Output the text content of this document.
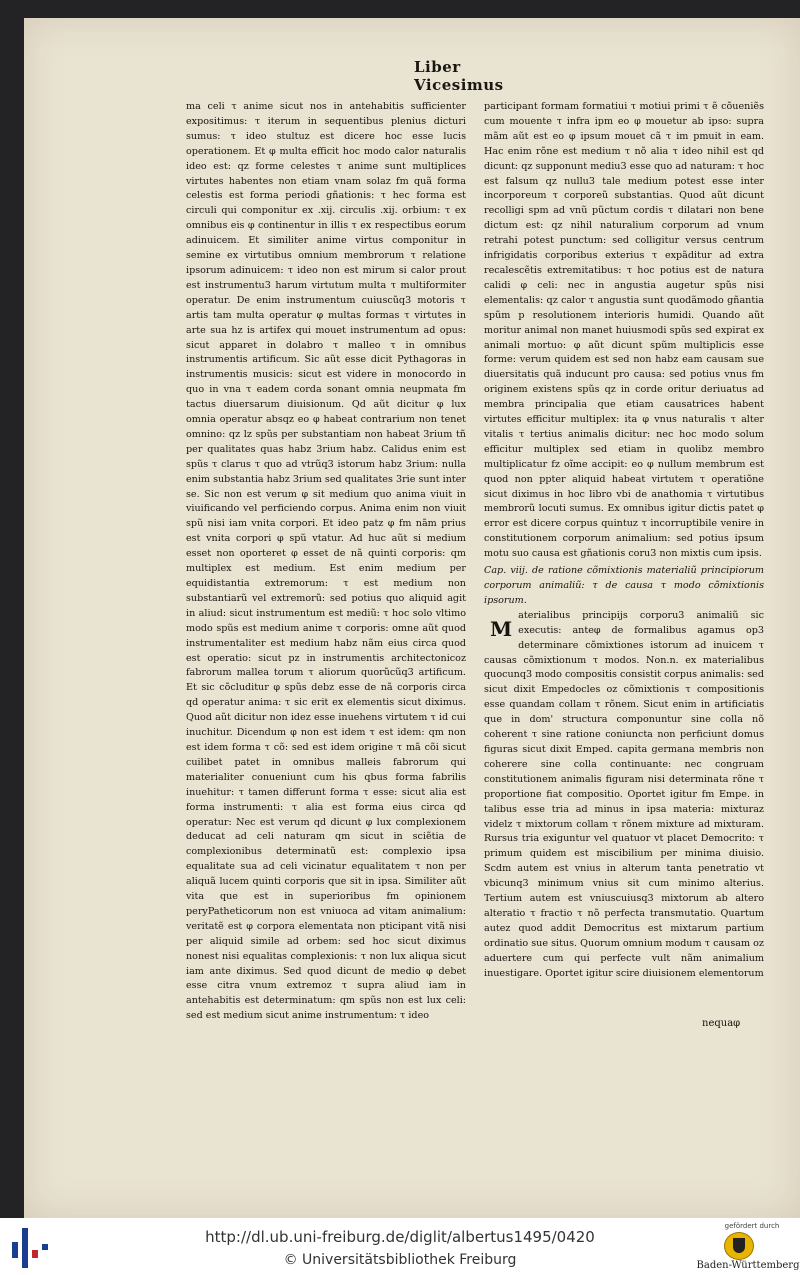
Liber Vicesimus

ma celi τ anime sicut nos in antehabitis sufficienter expositimus: τ iterum in sequentibus plenius dicturi sumus: τ ideo stultuz est dicere hoc esse lucis operationem. Et φ multa efficit hoc modo calor naturalis ideo est: qz forme celestes τ anime sunt multiplices virtutes habentes non etiam vnam solaz fm quã forma celestis est forma periodi gñationis: τ hec forma est circuli qui componitur ex .xij. circulis .xij. orbium: τ ex omnibus eis φ continentur in illis τ ex respectibus eorum adinuicem. Et similiter anime virtus componitur in semine ex virtutibus omnium membrorum τ relatione ipsorum adinuicem: τ ideo non est mirum si calor prout est instrumentu3 harum virtutum multa τ multiformiter operatur. De enim instrumentum cuiuscũq3 motoris τ artis tam multa operatur φ multas formas τ virtutes in arte sua hz is artifex qui mouet instrumentum ad opus: sicut apparet in dolabro τ malleo τ in omnibus instrumentis artificum. Sic aũt esse dicit Pythagoras in instrumentis musicis: sicut est videre in monocordo in quo in vna τ eadem corda sonant omnia neupmata fm tactus diuersarum diuisionum. Qd aũt dicitur φ lux omnia operatur absqz eo φ habeat contrarium non tenet omnino: qz lz spũs per substantiam non habeat 3rium tñ per qualitates quas habz 3rium habz. Calidus enim est spũs τ clarus τ quo ad vtrũq3 istorum habz 3rium: nulla enim substantia habz 3rium sed qualitates 3rie sunt inter se. Sic non est verum φ sit medium quo anima viuit in viuificando vel perficiendo corpus. Anima enim non viuit spũ nisi iam vnita corpori. Et ideo patz φ fm nãm prius est vnita corpori φ spũ vtatur. Ad huc aũt si medium esset non oporteret φ esset de nã quinti corporis: qm multiplex est medium. Est enim medium per equidistantia extremorum: τ est medium non substantiarũ vel extremorũ: sed potius quo aliquid agit in aliud: sicut instrumentum est mediũ: τ hoc solo vltimo modo spũs est medium anime τ corporis: omne aũt quod instrumentaliter est medium habz nãm eius circa quod est operatio: sicut pz in instrumentis architectonicoz fabrorum mallea torum τ aliorum quorũcũq3 artificum. Et sic cõcluditur φ spũs debz esse de nã corporis circa qd operatur anima: τ sic erit ex elementis sicut diximus. Quod aũt dicitur non idez esse inuehens virtutem τ id cui inuchitur. Dicendum φ non est idem τ est idem: qm non est idem forma τ cõ: sed est idem origine τ mã cõi sicut cuilibet patet in omnibus malleis fabrorum qui materialiter conueniunt cum his qbus forma fabrilis inuehitur: τ tamen differunt forma τ esse: sicut alia est forma instrumenti: τ alia est forma eius circa qd operatur: Nec est verum qd dicunt φ lux complexionem deducat ad celi naturam qm sicut in sciẽtia de complexionibus determinatũ est: complexio ipsa equalitate sua ad celi vicinatur equalitatem τ non per aliquã lucem quinti corporis que sit in ipsa. Similiter aũt vita que est in superioribus fm opinionem peryPatheticorum non est vniuoca ad vitam animalium: veritatẽ est φ corpora elementata non pticipant vitã nisi per aliquid simile ad orbem: sed hoc sicut diximus nonest nisi equalitas complexionis: τ non lux aliqua sicut iam ante diximus. Sed quod dicunt de medio φ debet esse citra vnum extremoz τ supra aliud iam in antehabitis est determinatum: qm spũs non est lux celi: sed est medium sicut anime instrumentum: τ ideo

participant formam formatiui τ motiui primi τ ẽ cõueniẽs cum mouente τ infra ipm eo φ mouetur ab ipso: supra mãm aũt est eo φ ipsum mouet cã τ im pmuit in eam. Hac enim rõne est medium τ nõ alia τ ideo nihil est qd dicunt: qz supponunt mediu3 esse quo ad naturam: τ hoc est falsum qz nullu3 tale medium potest esse inter incorporeum τ corporeũ substantias. Quod aũt dicunt recolligi spm ad vnũ pũctum cordis τ dilatari non bene dictum est: qz nihil naturalium corporum ad vnum retrahi potest punctum: sed colligitur versus centrum infrigidatis corporibus exterius τ expãditur ad extra recalescẽtis extremitatibus: τ hoc potius est de natura calidi φ celi: nec in angustia augetur spũs nisi elementalis: qz calor τ angustia sunt quodãmodo gñantia spũm p resolutionem interioris humidi. Quando aũt moritur animal non manet huiusmodi spũs sed expirat ex animali mortuo: φ aũt dicunt spũm multiplicis esse forme: verum quidem est sed non habz eam causam sue diuersitatis quã inducunt pro causa: sed potius vnus fm originem existens spũs qz in corde oritur deriuatus ad membra principalia que etiam causatrices habent virtutes efficitur multiplex: ita φ vnus naturalis τ alter vitalis τ tertius animalis dicitur: nec hoc modo solum efficitur multiplex sed etiam in quolibz membro multiplicatur fz oĩme accipit: eo φ nullum membrum est quod non ppter aliquid habeat virtutem τ operatiõne sicut diximus in hoc libro vbi de anathomia τ virtutibus membrorũ locuti sumus. Ex omnibus igitur dictis patet φ error est dicere corpus quintuz τ incorruptibile venire in constitutionem corporum animalium: sed potius ipsum motu suo causa est gñationis coru3 non mixtis cum ipsis.

Cap. viij. de ratione cõmixtionis materialiũ principiorum corporum animaliũ: τ de causa τ modo cõmixtionis ipsorum.

M
aterialibus principijs corporu3 animaliũ sic executis: anteφ de formalibus agamus op3 determinare cõmixtiones istorum ad inuicem τ causas cõmixtionum τ modos. Non.n. ex materialibus quocunq3 modo compositis consistit corpus animalis: sed sicut dixit Empedocles oz cõmixtionis τ compositionis esse quandam collam τ rõnem. Sicut enim in artificiatis que in dom' structura componuntur sine colla nõ coherent τ sine ratione coniuncta non perficiunt domus figuras sicut dixit Emped. capita germana membris non coherere sine colla continuante: nec congruam constitutionem animalis figuram nisi determinata rõne τ proportione fiat compositio. Oportet igitur fm Empe. in talibus esse tria ad minus in ipsa materia: mixturaz videlz τ mixtorum collam τ rõnem mixture ad mixturam. Rursus tria exiguntur vel quatuor vt placet Democrito: τ primum quidem est miscibilium per minima diuisio. Scdm autem est vnius in alterum tanta penetratio vt vbicunq3 minimum vnius sit cum minimo alterius. Tertium autem est vniuscuiusq3 mixtorum ab altero alteratio τ fractio τ nõ perfecta transmutatio. Quartum autez quod addit Democritus est mixtarum partium ordinatio sue situs. Quorum omnium modum τ causam oz aduertere cum qui perfecte vult nãm animalium inuestigare. Oportet igitur scire diuisionem elementorum

nequaφ
http://dl.ub.uni-freiburg.de/diglit/albertus1495/0420
© Universitätsbibliothek Freiburg
gefördert durch
Baden-Württemberg
